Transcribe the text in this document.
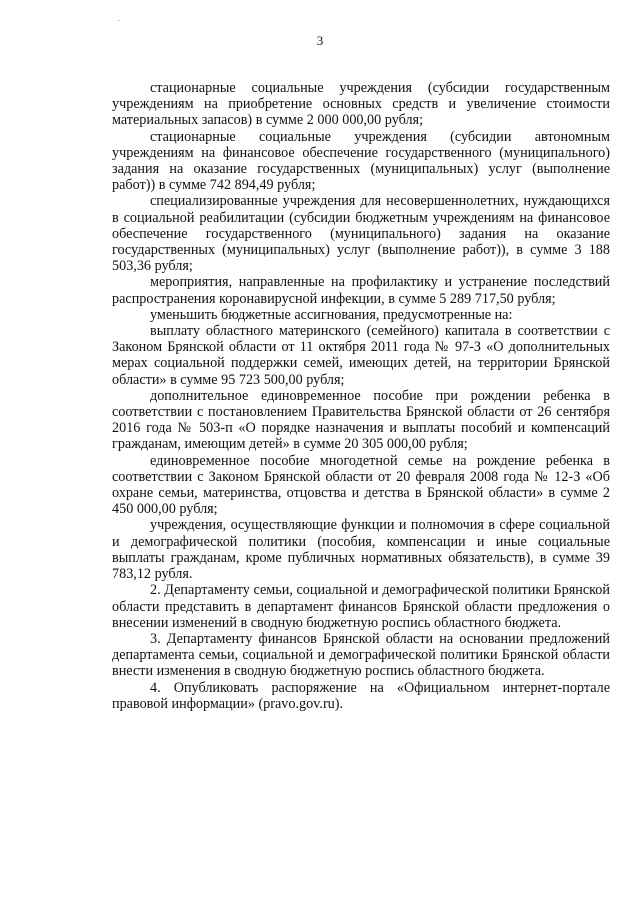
3

стационарные социальные учреждения (субсидии государственным учреждениям на приобретение основных средств и увеличение стоимости материальных запасов) в сумме 2 000 000,00 рубля;

стационарные социальные учреждения (субсидии автономным учреждениям на финансовое обеспечение государственного (муниципального) задания на оказание государственных (муниципальных) услуг (выполнение работ)) в сумме 742 894,49 рубля;

специализированные учреждения для несовершеннолетних, нуждающихся в социальной реабилитации (субсидии бюджетным учреждениям на финансовое обеспечение государственного (муниципального) задания на оказание государственных (муниципальных) услуг (выполнение работ)), в сумме 3 188 503,36 рубля;

мероприятия, направленные на профилактику и устранение последствий распространения коронавирусной инфекции, в сумме 5 289 717,50 рубля;

уменьшить бюджетные ассигнования, предусмотренные на:

выплату областного материнского (семейного) капитала в соответствии с Законом Брянской области от 11 октября 2011 года № 97-З «О дополнительных мерах социальной поддержки семей, имеющих детей, на территории Брянской области» в сумме 95 723 500,00 рубля;

дополнительное единовременное пособие при рождении ребенка в соответствии с постановлением Правительства Брянской области от 26 сентября 2016 года № 503-п «О порядке назначения и выплаты пособий и компенсаций гражданам, имеющим детей» в сумме 20 305 000,00 рубля;

единовременное пособие многодетной семье на рождение ребенка в соответствии с Законом Брянской области от 20 февраля 2008 года № 12-З «Об охране семьи, материнства, отцовства и детства в Брянской области» в сумме 2 450 000,00 рубля;

учреждения, осуществляющие функции и полномочия в сфере социальной и демографической политики (пособия, компенсации и иные социальные выплаты гражданам, кроме публичных нормативных обязательств), в сумме 39 783,12 рубля.

2. Департаменту семьи, социальной и демографической политики Брянской области представить в департамент финансов Брянской области предложения о внесении изменений в сводную бюджетную роспись областного бюджета.

3. Департаменту финансов Брянской области на основании предложений департамента семьи, социальной и демографической политики Брянской области внести изменения в сводную бюджетную роспись областного бюджета.

4. Опубликовать распоряжение на «Официальном интернет-портале правовой информации» (pravo.gov.ru).
